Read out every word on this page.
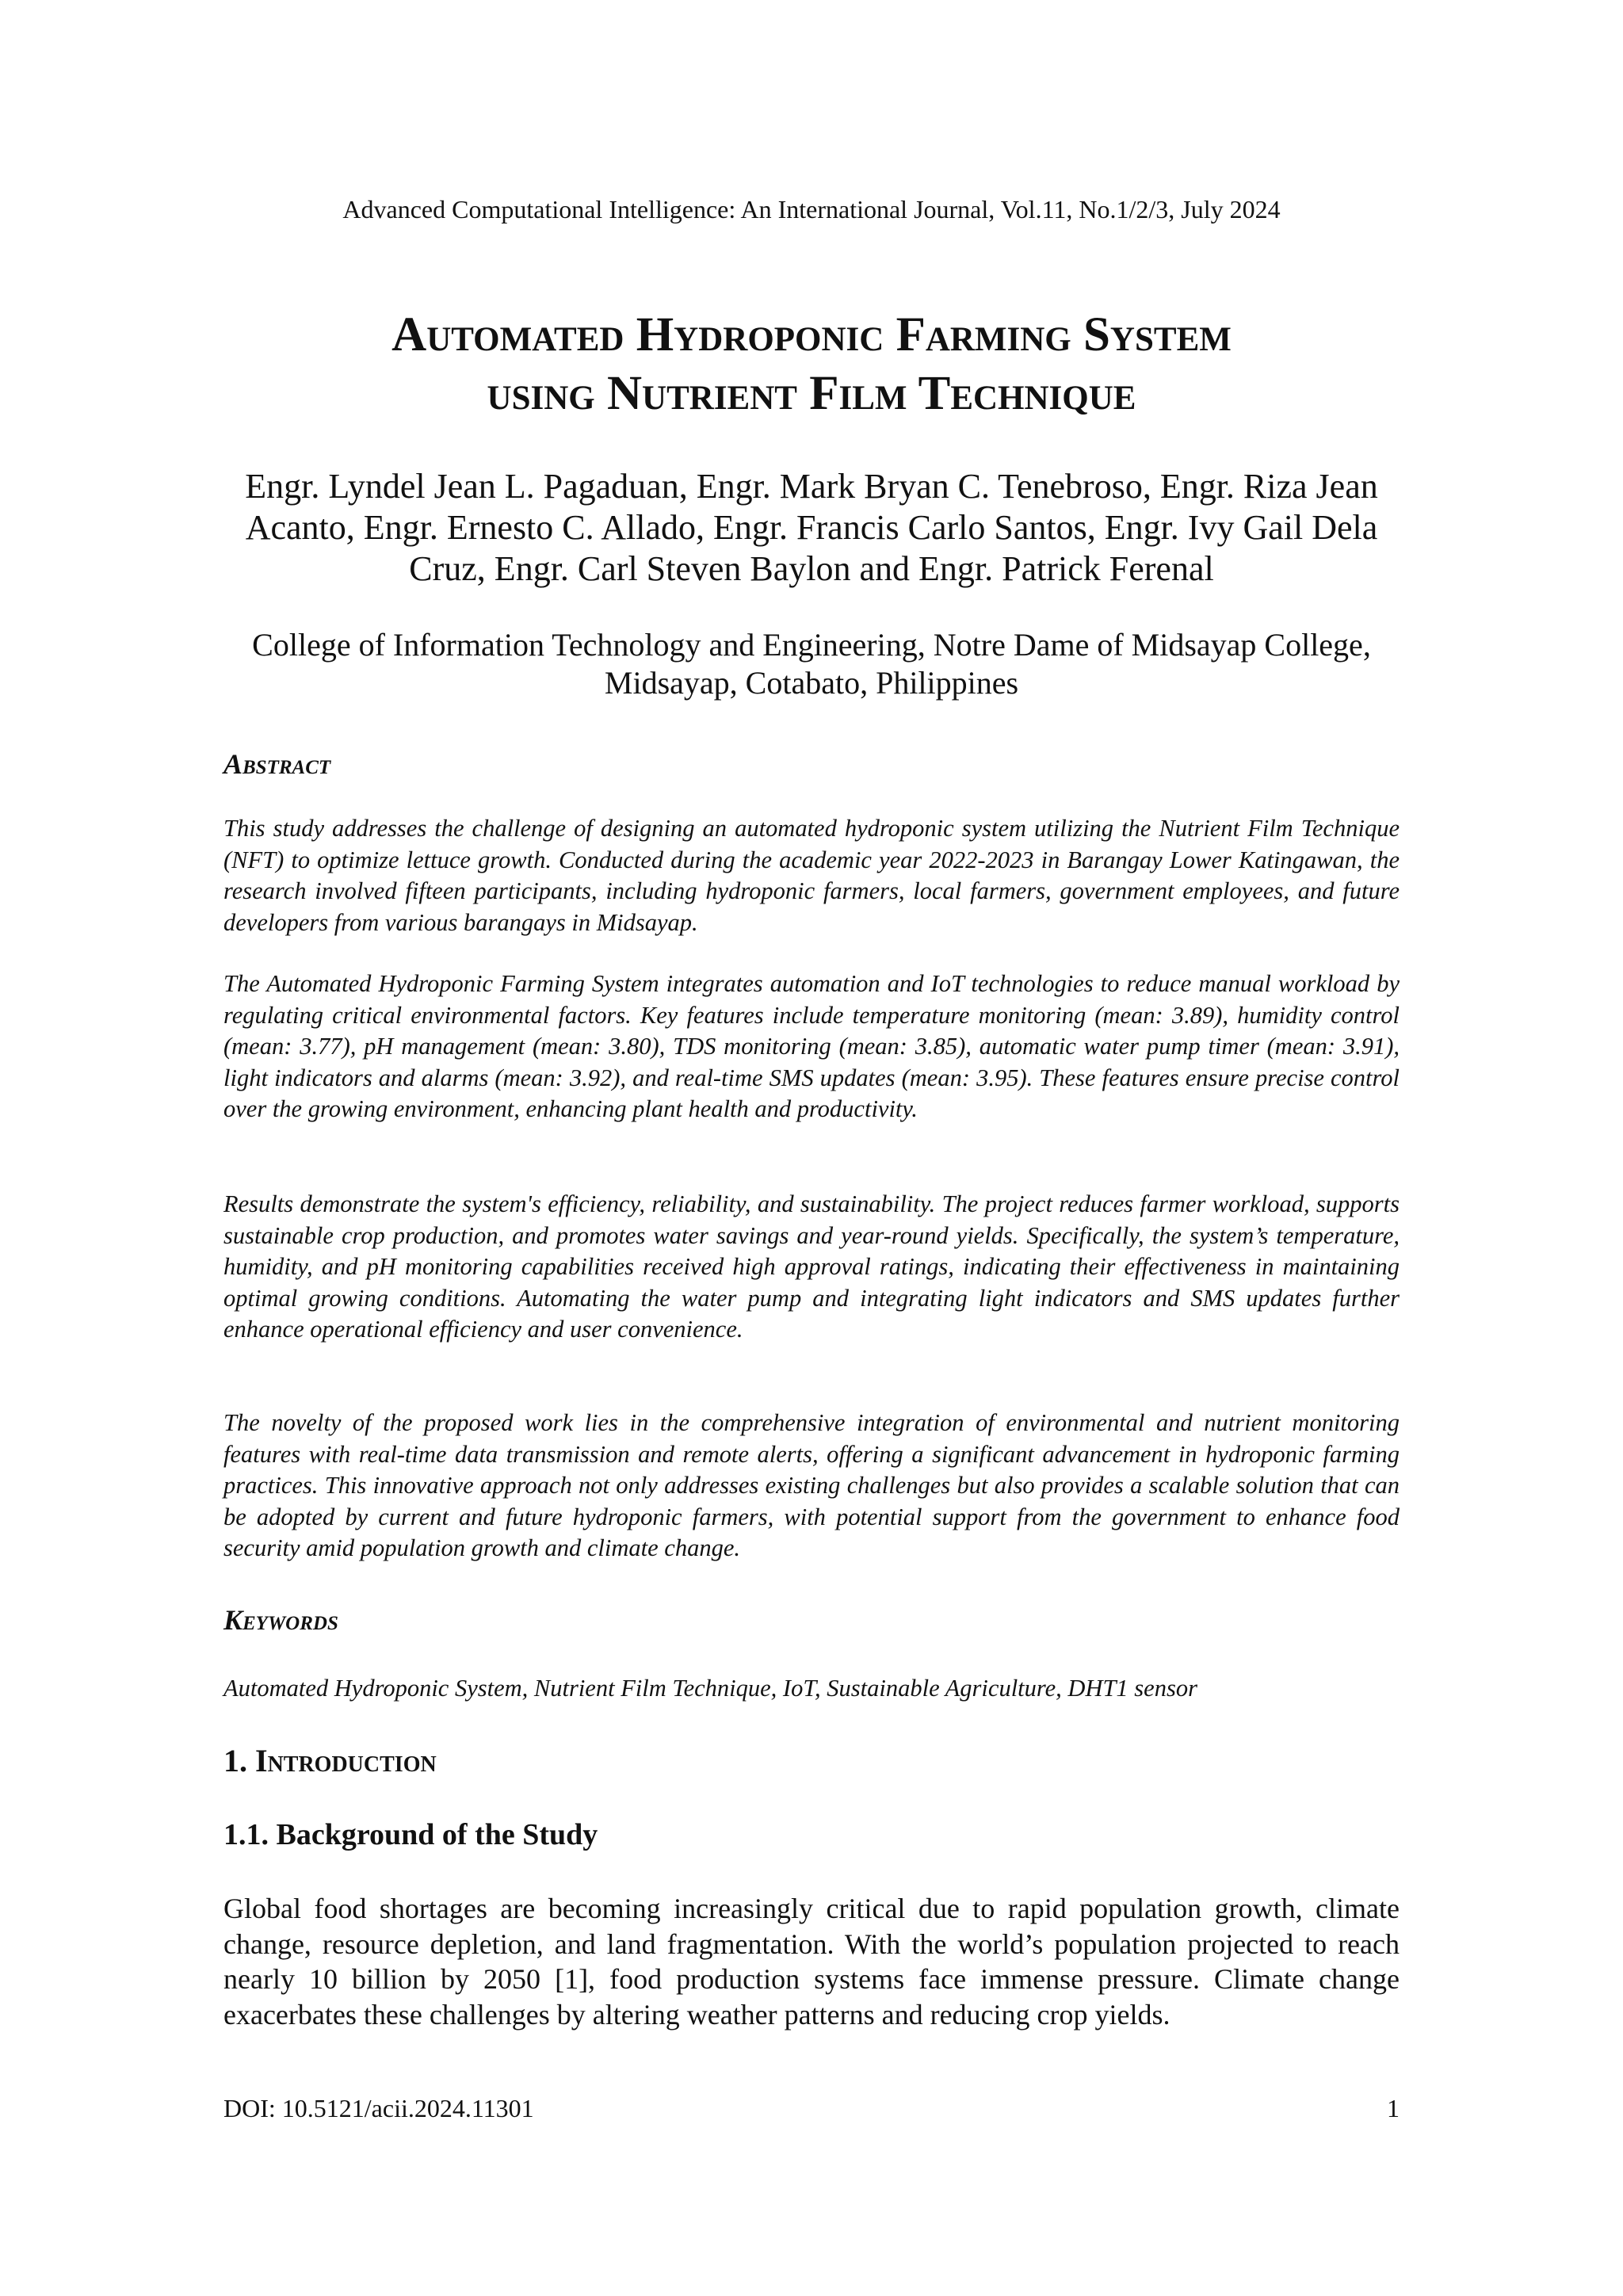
Advanced Computational Intelligence: An International Journal, Vol.11, No.1/2/3, July 2024
Automated Hydroponic Farming System
using Nutrient Film Technique
Engr. Lyndel Jean L. Pagaduan, Engr. Mark Bryan C. Tenebroso, Engr. Riza Jean Acanto, Engr. Ernesto C. Allado, Engr. Francis Carlo Santos, Engr. Ivy Gail Dela Cruz, Engr. Carl Steven Baylon and Engr. Patrick Ferenal
College of Information Technology and Engineering, Notre Dame of Midsayap College, Midsayap, Cotabato, Philippines
Abstract

This study addresses the challenge of designing an automated hydroponic system utilizing the Nutrient Film Technique (NFT) to optimize lettuce growth. Conducted during the academic year 2022-2023 in Barangay Lower Katingawan, the research involved fifteen participants, including hydroponic farmers, local farmers, government employees, and future developers from various barangays in Midsayap.

The Automated Hydroponic Farming System integrates automation and IoT technologies to reduce manual workload by regulating critical environmental factors. Key features include temperature monitoring (mean: 3.89), humidity control (mean: 3.77), pH management (mean: 3.80), TDS monitoring (mean: 3.85), automatic water pump timer (mean: 3.91), light indicators and alarms (mean: 3.92), and real-time SMS updates (mean: 3.95). These features ensure precise control over the growing environment, enhancing plant health and productivity.

Results demonstrate the system's efficiency, reliability, and sustainability. The project reduces farmer workload, supports sustainable crop production, and promotes water savings and year-round yields. Specifically, the system’s temperature, humidity, and pH monitoring capabilities received high approval ratings, indicating their effectiveness in maintaining optimal growing conditions. Automating the water pump and integrating light indicators and SMS updates further enhance operational efficiency and user convenience.

The novelty of the proposed work lies in the comprehensive integration of environmental and nutrient monitoring features with real-time data transmission and remote alerts, offering a significant advancement in hydroponic farming practices. This innovative approach not only addresses existing challenges but also provides a scalable solution that can be adopted by current and future hydroponic farmers, with potential support from the government to enhance food security amid population growth and climate change.

Keywords
Automated Hydroponic System, Nutrient Film Technique, IoT, Sustainable Agriculture, DHT1 sensor
1. Introduction
1.1. Background of the Study

Global food shortages are becoming increasingly critical due to rapid population growth, climate change, resource depletion, and land fragmentation. With the world’s population projected to reach nearly 10 billion by 2050 [1], food production systems face immense pressure. Climate change exacerbates these challenges by altering weather patterns and reducing crop yields.

DOI: 10.5121/acii.2024.11301	1
